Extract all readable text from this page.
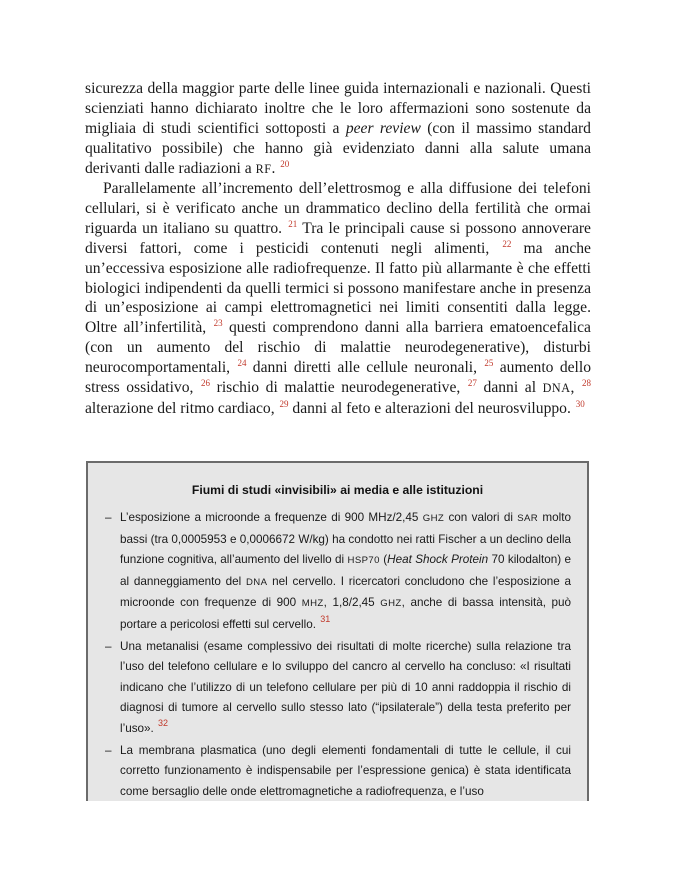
sicurezza della maggior parte delle linee guida internazionali e nazionali. Questi scienziati hanno dichiarato inoltre che le loro affermazioni sono sostenute da migliaia di studi scientifici sottoposti a peer review (con il massimo standard qualitativo possibile) che hanno già evidenziato danni alla salute umana derivanti dalle radiazioni a RF. $^{20}$

Parallelamente all’incremento dell’elettrosmog e alla diffusione dei telefoni cellulari, si è verificato anche un drammatico declino della fertilità che ormai riguarda un italiano su quattro. $^{21}$ Tra le principali cause si possono annoverare diversi fattori, come i pesticidi contenuti negli alimenti, $^{22}$ ma anche un’eccessiva esposizione alle radiofrequenze. Il fatto più allarmante è che effetti biologici indipendenti da quelli termici si possono manifestare anche in presenza di un’esposizione ai campi elettromagnetici nei limiti consentiti dalla legge. Oltre all’infertilità, $^{23}$ questi comprendono danni alla barriera ematoencefalica (con un aumento del rischio di malattie neurodegenerative), disturbi neurocomportamentali, $^{24}$ danni diretti alle cellule neuronali, $^{25}$ aumento dello stress ossidativo, $^{26}$ rischio di malattie neurodegenerative, $^{27}$ danni al DNA, $^{28}$ alterazione del ritmo cardiaco, $^{29}$ danni al feto e alterazioni del neurosviluppo. $^{30}$

Fiumi di studi «invisibili» ai media e alle istituzioni
– L’esposizione a microonde a frequenze di 900 MHz/2,45 GHZ con valori di SAR molto bassi (tra 0,0005953 e 0,0006672 W/kg) ha condotto nei ratti Fischer a un declino della funzione cognitiva, all’aumento del livello di HSP70 (Heat Shock Protein 70 kilodalton) e al danneggiamento del DNA nel cervello. I ricercatori concludono che l’esposizione a microonde con frequenze di 900 MHZ, 1,8/2,45 GHZ, anche di bassa intensità, può portare a pericolosi effetti sul cervello. $^{31}$
– Una metanalisi (esame complessivo dei risultati di molte ricerche) sulla relazione tra l’uso del telefono cellulare e lo sviluppo del cancro al cervello ha concluso: «I risultati indicano che l’utilizzo di un telefono cellulare per più di 10 anni raddoppia il rischio di diagnosi di tumore al cervello sullo stesso lato (“ipsilaterale”) della testa preferito per l’uso». $^{32}$
– La membrana plasmatica (uno degli elementi fondamentali di tutte le cellule, il cui corretto funzionamento è indispensabile per l’espressione genica) è stata identificata come bersaglio delle onde elettromagnetiche a radiofrequenza, e l’uso
